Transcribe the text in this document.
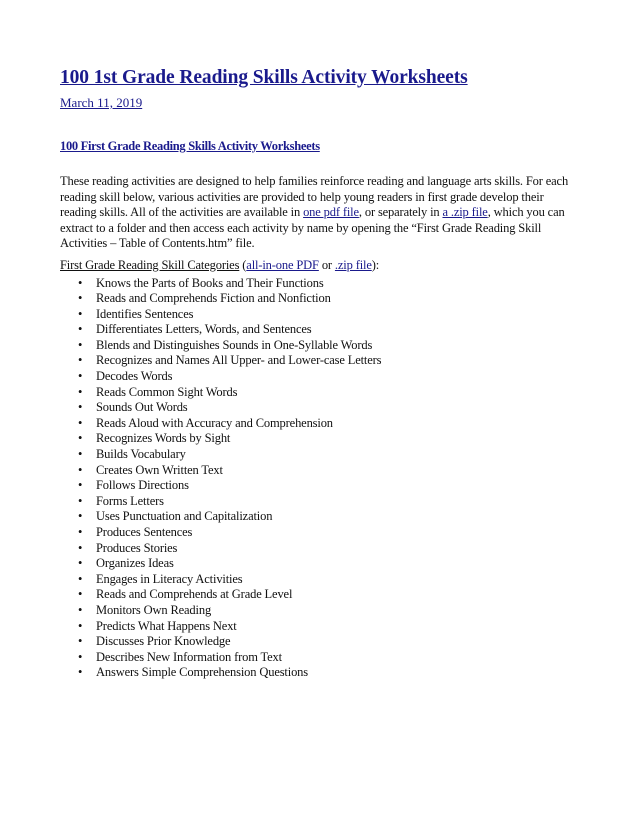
100 1st Grade Reading Skills Activity Worksheets
March 11, 2019
100 First Grade Reading Skills Activity Worksheets

These reading activities are designed to help families reinforce reading and language arts skills. For each reading skill below, various activities are provided to help young readers in first grade develop their reading skills. All of the activities are available in one pdf file, or separately in a .zip file, which you can extract to a folder and then access each activity by name by opening the “First Grade Reading Skill Activities – Table of Contents.htm” file.

First Grade Reading Skill Categories (all-in-one PDF or .zip file):

• Knows the Parts of Books and Their Functions
• Reads and Comprehends Fiction and Nonfiction
• Identifies Sentences
• Differentiates Letters, Words, and Sentences
• Blends and Distinguishes Sounds in One-Syllable Words
• Recognizes and Names All Upper- and Lower-case Letters
• Decodes Words
• Reads Common Sight Words
• Sounds Out Words
• Reads Aloud with Accuracy and Comprehension
• Recognizes Words by Sight
• Builds Vocabulary
• Creates Own Written Text
• Follows Directions
• Forms Letters
• Uses Punctuation and Capitalization
• Produces Sentences
• Produces Stories
• Organizes Ideas
• Engages in Literacy Activities
• Reads and Comprehends at Grade Level
• Monitors Own Reading
• Predicts What Happens Next
• Discusses Prior Knowledge
• Describes New Information from Text
• Answers Simple Comprehension Questions
